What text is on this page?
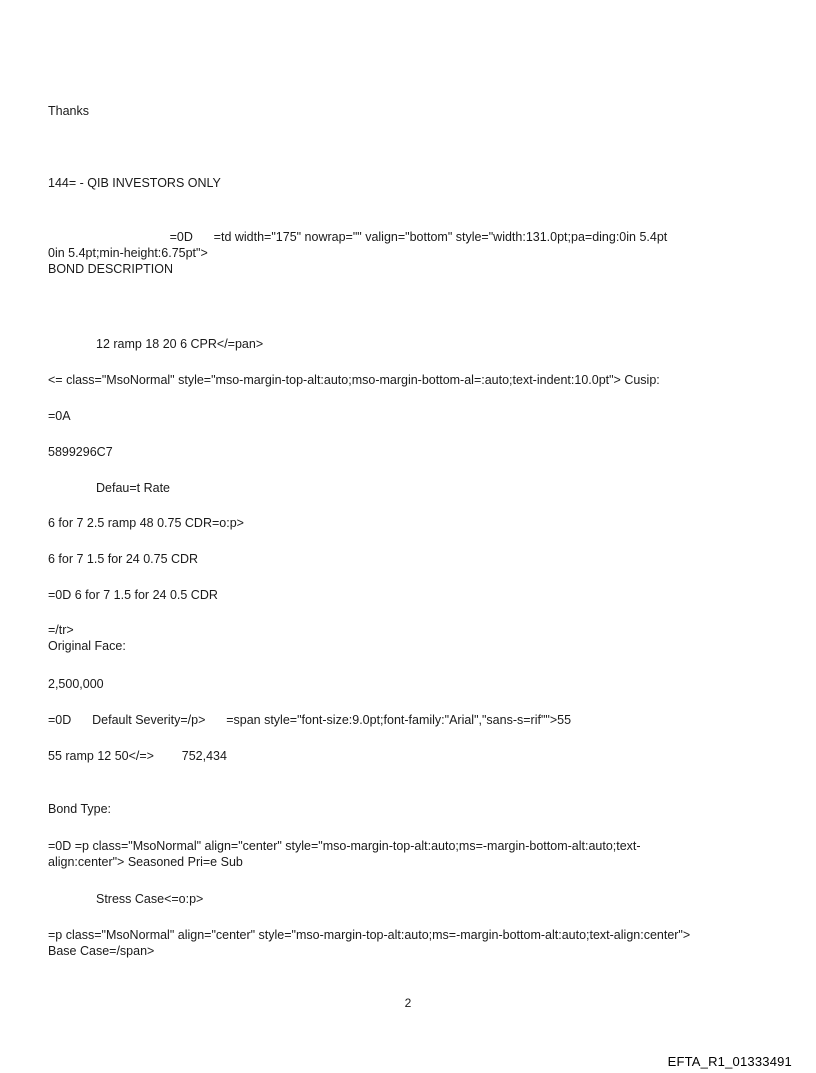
Thanks
144= - QIB INVESTORS ONLY
=0D      =td width="175" nowrap="" valign="bottom" style="width:131.0pt;pa=ding:0in 5.4pt
0in 5.4pt;min-height:6.75pt">
BOND DESCRIPTION
12 ramp 18 20 6 CPR</=pan>
<= class="MsoNormal" style="mso-margin-top-alt:auto;mso-margin-bottom-al=:auto;text-indent:10.0pt"> Cusip:
=0A
5899296C7
Defau=t Rate
6 for 7 2.5 ramp 48 0.75 CDR=o:p>
6 for 7 1.5 for 24 0.75 CDR
=0D 6 for 7 1.5 for 24 0.5 CDR
=/tr>
Original Face:
2,500,000
=0D      Default Severity=/p>      =span style="font-size:9.0pt;font-family:"Arial","sans-s=rif"">55
55 ramp 12 50</=>        752,434
Bond Type:
=0D =p class="MsoNormal" align="center" style="mso-margin-top-alt:auto;ms=-margin-bottom-alt:auto;text-
align:center"> Seasoned Pri=e Sub
Stress Case<=o:p>
=p class="MsoNormal" align="center" style="mso-margin-top-alt:auto;ms=-margin-bottom-alt:auto;text-align:center">
Base Case=/span>
2
EFTA_R1_01333491
